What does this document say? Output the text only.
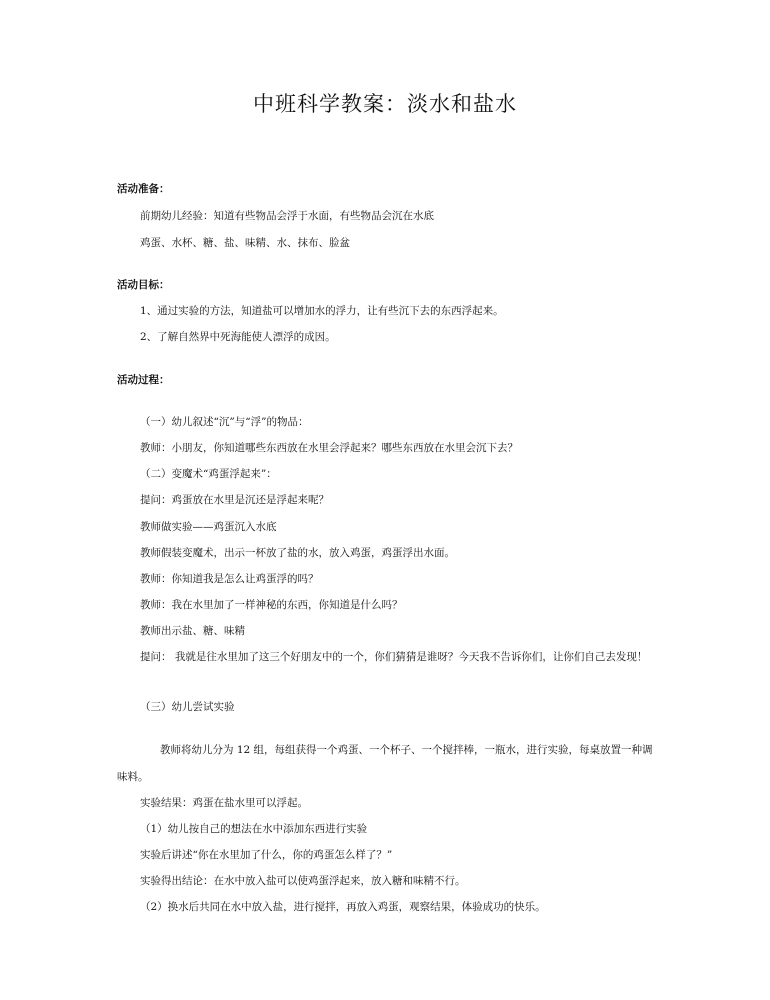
中班科学教案：淡水和盐水
活动准备：
前期幼儿经验：知道有些物品会浮于水面，有些物品会沉在水底
鸡蛋、水杯、糖、盐、味精、水、抹布、脸盆
活动目标：
1、通过实验的方法，知道盐可以增加水的浮力，让有些沉下去的东西浮起来。
2、了解自然界中死海能使人漂浮的成因。
活动过程：
（一）幼儿叙述“沉”与“浮”的物品：
教师：小朋友，你知道哪些东西放在水里会浮起来？哪些东西放在水里会沉下去？
（二）变魔术“鸡蛋浮起来”：
提问：鸡蛋放在水里是沉还是浮起来呢？
教师做实验——鸡蛋沉入水底
教师假装变魔术，出示一杯放了盐的水，放入鸡蛋，鸡蛋浮出水面。
教师：你知道我是怎么让鸡蛋浮的吗？
教师：我在水里加了一样神秘的东西，你知道是什么吗？
教师出示盐、糖、味精
提问： 我就是往水里加了这三个好朋友中的一个，你们猜猜是谁呀？今天我不告诉你们，让你们自己去发现！
（三）幼儿尝试实验
教师将幼儿分为 12 组，每组获得一个鸡蛋、一个杯子、一个搅拌棒，一瓶水，进行实验，每桌放置一种调味料。
实验结果：鸡蛋在盐水里可以浮起。
（1）幼儿按自己的想法在水中添加东西进行实验
实验后讲述“你在水里加了什么，你的鸡蛋怎么样了？”
实验得出结论：在水中放入盐可以使鸡蛋浮起来，放入糖和味精不行。
（2）换水后共同在水中放入盐，进行搅拌，再放入鸡蛋，观察结果，体验成功的快乐。
